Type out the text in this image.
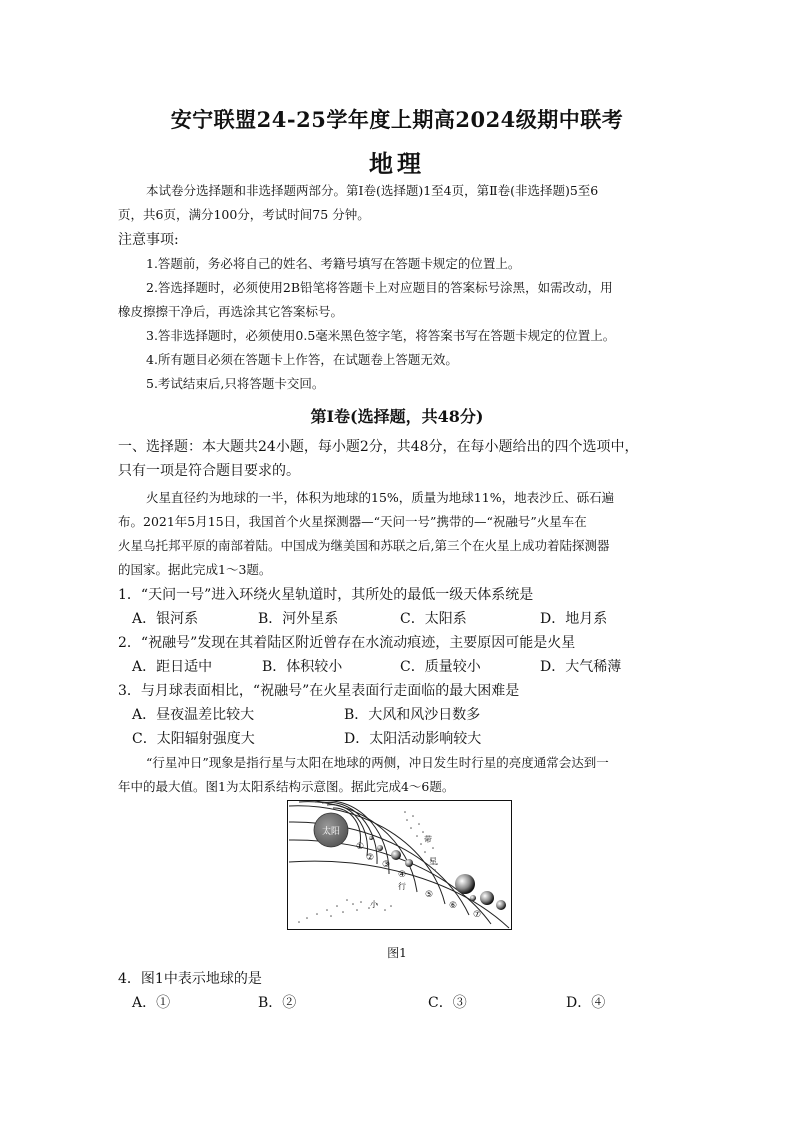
安宁联盟24-25学年度上期高2024级期中联考
地理

本试卷分选择题和非选择题两部分。第Ⅰ卷(选择题)1至4页，第Ⅱ卷(非选择题)5至6

页，共6页，满分100分，考试时间75 分钟。

注意事项:

1.答题前，务必将自己的姓名、考籍号填写在答题卡规定的位置上。

2.答选择题时，必须使用2B铅笔将答题卡上对应题目的答案标号涂黑，如需改动，用

橡皮擦擦干净后，再选涂其它答案标号。

3.答非选择题时，必须使用0.5毫米黑色签字笔，将答案书写在答题卡规定的位置上。

4.所有题目必须在答题卡上作答，在试题卷上答题无效。

5.考试结束后,只将答题卡交回。

第Ⅰ卷(选择题，共48分)

一、选择题：本大题共24小题，每小题2分，共48分，在每小题给出的四个选项中，

只有一项是符合题目要求的。

火星直径约为地球的一半，体积为地球的15%，质量为地球11%，地表沙丘、砾石遍

布。2021年5月15日，我国首个火星探测器—“天问一号”携带的—“祝融号”火星车在

火星乌托邦平原的南部着陆。中国成为继美国和苏联之后,第三个在火星上成功着陆探测器

的国家。据此完成1～3题。

1．“天问一号”进入环绕火星轨道时，其所处的最低一级天体系统是

A．银河系	B．河外星系	C．太阳系	D．地月系

2．“祝融号”发现在其着陆区附近曾存在水流动痕迹，主要原因可能是火星

A．距日适中	B．体积较小	C．质量较小	D．大气稀薄

3．与月球表面相比，“祝融号”在火星表面行走面临的最大困难是

A．昼夜温差比较大	B．大风和风沙日数多
C．太阳辐射强度大	D．太阳活动影响较大

“行星冲日”现象是指行星与太阳在地球的两侧，冲日发生时行星的亮度通常会达到一

年中的最大值。图1为太阳系结构示意图。据此完成4～6题。

太阳
①
②
③
④
⑤
⑥
⑦
带
星
行
小
图1

4．图1中表示地球的是

A．①	B．②	C．③	D．④
